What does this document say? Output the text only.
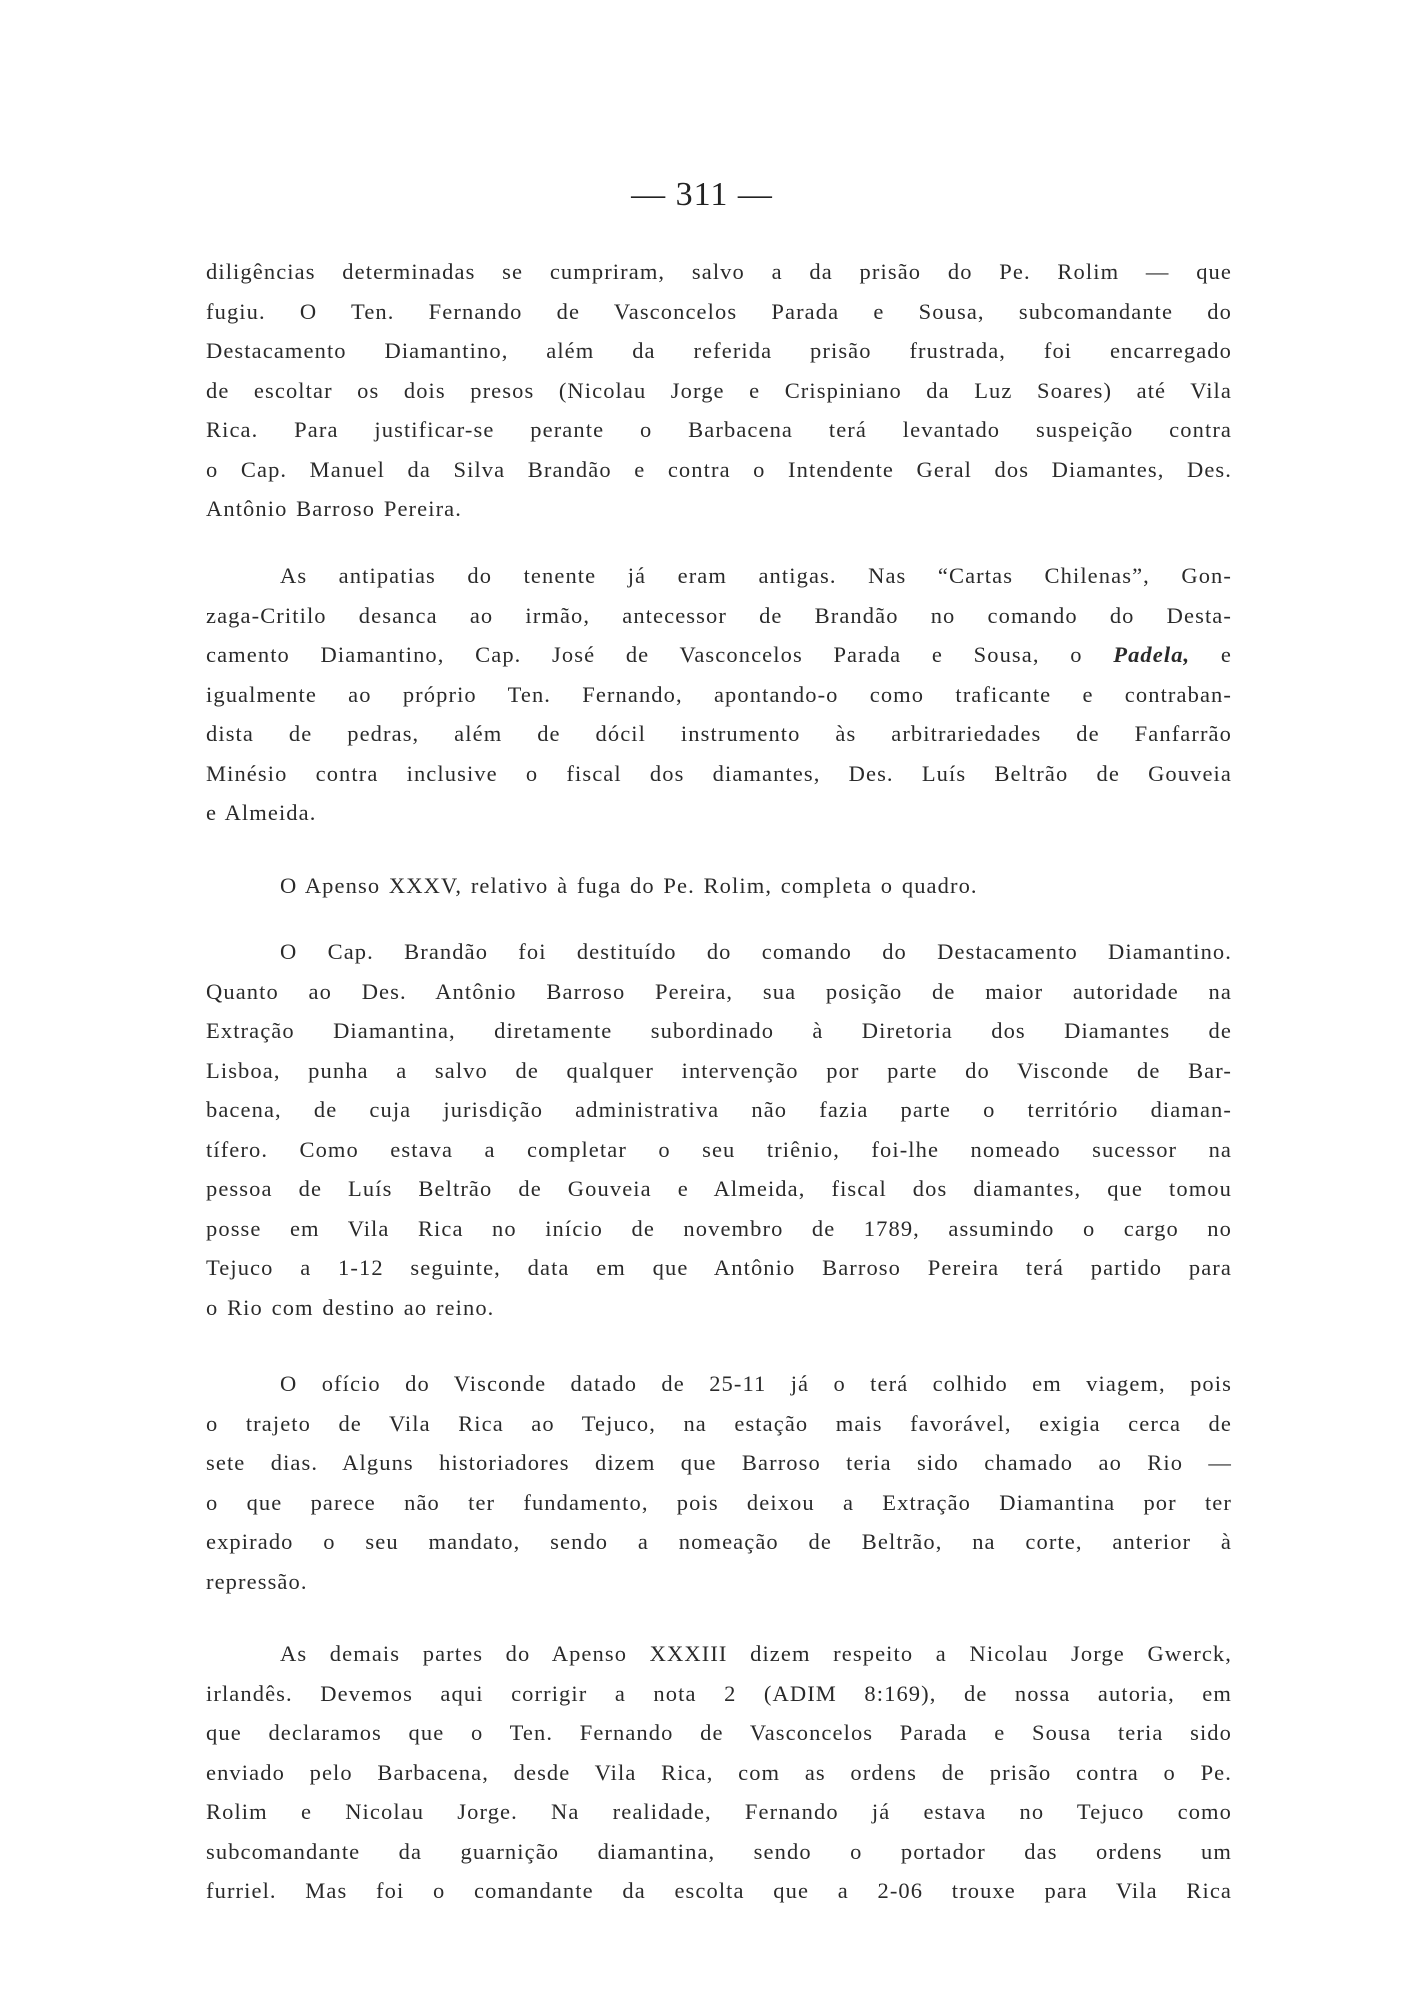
— 311 —
diligências determinadas se cumpriram, salvo a da prisão do Pe. Rolim — que
fugiu. O Ten. Fernando de Vasconcelos Parada e Sousa, subcomandante do
Destacamento Diamantino, além da referida prisão frustrada, foi encarregado
de escoltar os dois presos (Nicolau Jorge e Crispiniano da Luz Soares) até Vila
Rica. Para justificar-se perante o Barbacena terá levantado suspeição contra
o Cap. Manuel da Silva Brandão e contra o Intendente Geral dos Diamantes, Des.
Antônio Barroso Pereira.
As antipatias do tenente já eram antigas. Nas “Cartas Chilenas”, Gon-
zaga-Critilo desanca ao irmão, antecessor de Brandão no comando do Desta-
camento Diamantino, Cap. José de Vasconcelos Parada e Sousa, o Padela, e
igualmente ao próprio Ten. Fernando, apontando-o como traficante e contraban-
dista de pedras, além de dócil instrumento às arbitrariedades de Fanfarrão
Minésio contra inclusive o fiscal dos diamantes, Des. Luís Beltrão de Gouveia
e Almeida.
O Apenso XXXV, relativo à fuga do Pe. Rolim, completa o quadro.
O Cap. Brandão foi destituído do comando do Destacamento Diamantino.
Quanto ao Des. Antônio Barroso Pereira, sua posição de maior autoridade na
Extração Diamantina, diretamente subordinado à Diretoria dos Diamantes de
Lisboa, punha a salvo de qualquer intervenção por parte do Visconde de Bar-
bacena, de cuja jurisdição administrativa não fazia parte o território diaman-
tífero. Como estava a completar o seu triênio, foi-lhe nomeado sucessor na
pessoa de Luís Beltrão de Gouveia e Almeida, fiscal dos diamantes, que tomou
posse em Vila Rica no início de novembro de 1789, assumindo o cargo no
Tejuco a 1-12 seguinte, data em que Antônio Barroso Pereira terá partido para
o Rio com destino ao reino.
O ofício do Visconde datado de 25-11 já o terá colhido em viagem, pois
o trajeto de Vila Rica ao Tejuco, na estação mais favorável, exigia cerca de
sete dias. Alguns historiadores dizem que Barroso teria sido chamado ao Rio —
o que parece não ter fundamento, pois deixou a Extração Diamantina por ter
expirado o seu mandato, sendo a nomeação de Beltrão, na corte, anterior à
repressão.
As demais partes do Apenso XXXIII dizem respeito a Nicolau Jorge Gwerck,
irlandês. Devemos aqui corrigir a nota 2 (ADIM 8:169), de nossa autoria, em
que declaramos que o Ten. Fernando de Vasconcelos Parada e Sousa teria sido
enviado pelo Barbacena, desde Vila Rica, com as ordens de prisão contra o Pe.
Rolim e Nicolau Jorge. Na realidade, Fernando já estava no Tejuco como
subcomandante da guarnição diamantina, sendo o portador das ordens um
furriel. Mas foi o comandante da escolta que a 2-06 trouxe para Vila Rica
